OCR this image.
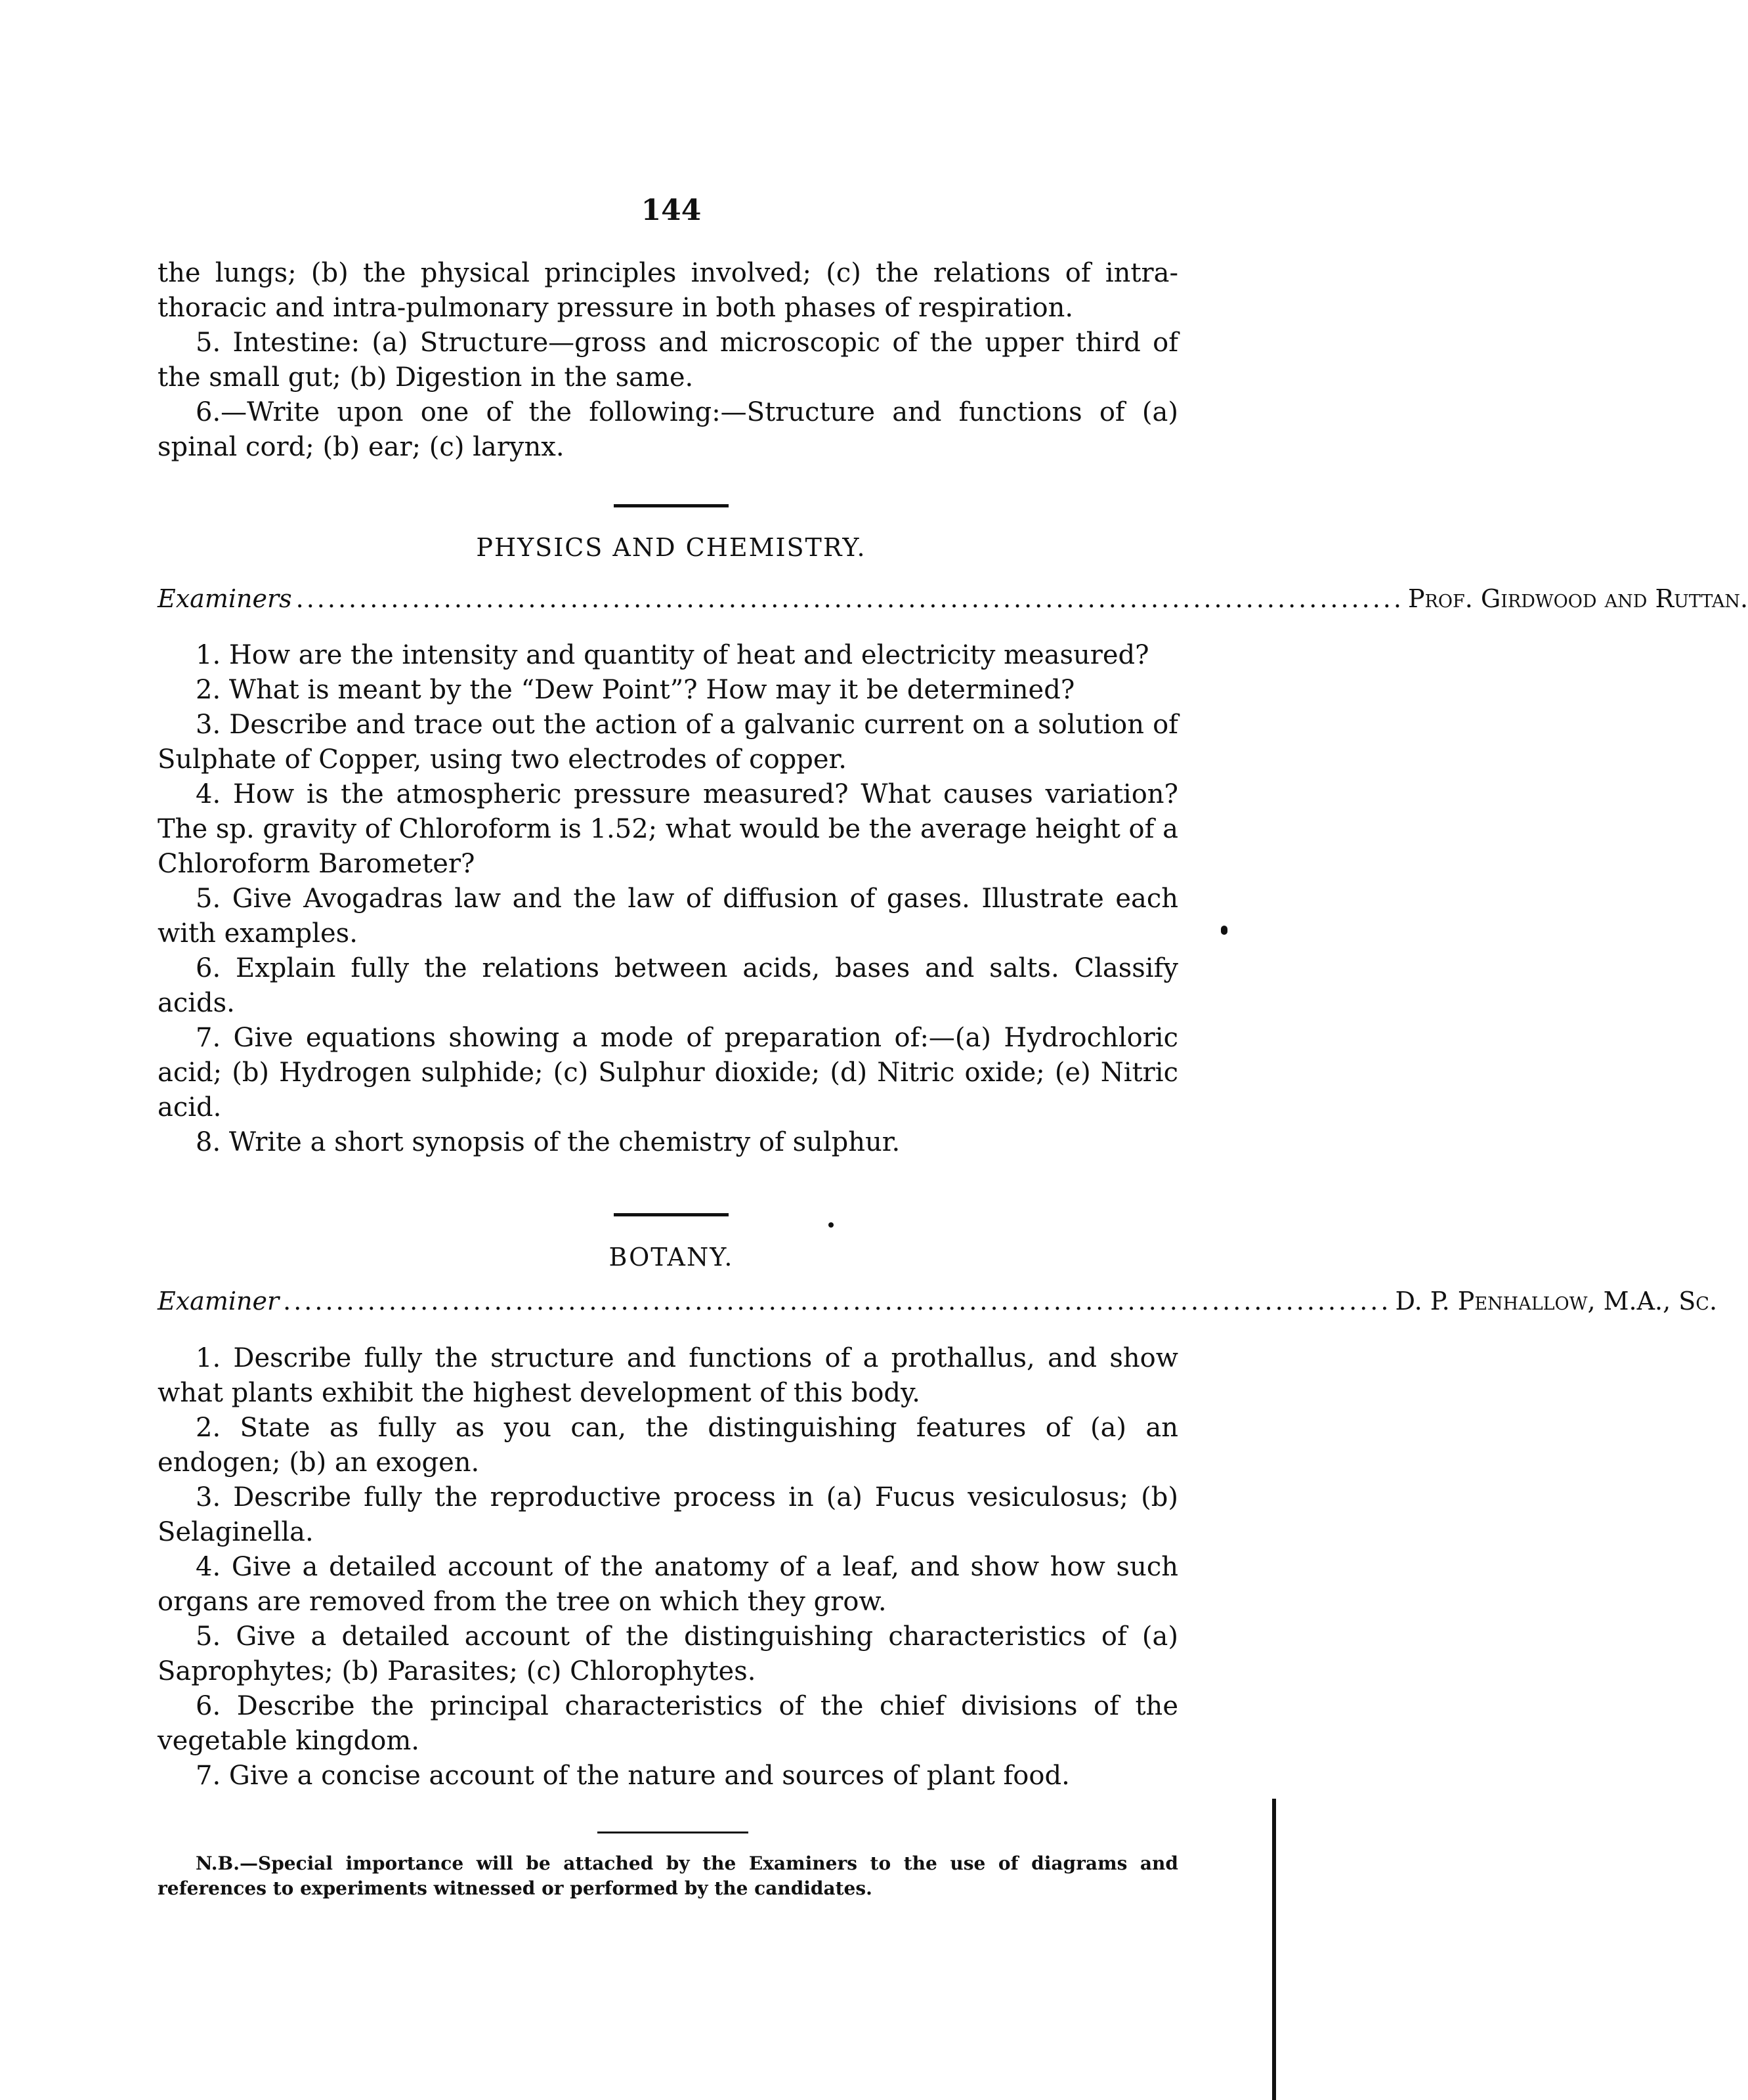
144

the lungs; (b) the physical principles involved; (c) the relations of intra-thoracic and intra-pulmonary pressure in both phases of respiration.

5. Intestine: (a) Structure—gross and microscopic of the upper third of the small gut; (b) Digestion in the same.

6.—Write upon one of the following:—Structure and functions of (a) spinal cord; (b) ear; (c) larynx.

PHYSICS AND CHEMISTRY.
Examiners ......................................................................................................... Prof. Girdwood and Ruttan.

1. How are the intensity and quantity of heat and electricity measured?

2. What is meant by the “Dew Point”? How may it be determined?

3. Describe and trace out the action of a galvanic current on a solution of Sulphate of Copper, using two electrodes of copper.

4. How is the atmospheric pressure measured? What causes variation? The sp. gravity of Chloroform is 1.52; what would be the average height of a Chloroform Barometer?

5. Give Avogadras law and the law of diffusion of gases. Illustrate each with examples.

6. Explain fully the relations between acids, bases and salts. Classify acids.

7. Give equations showing a mode of preparation of:—(a) Hydrochloric acid; (b) Hydrogen sulphide; (c) Sulphur dioxide; (d) Nitric oxide; (e) Nitric acid.

8. Write a short synopsis of the chemistry of sulphur.

BOTANY.
Examiner ......................................................................................................... D. P. Penhallow, M.A., Sc.

1. Describe fully the structure and functions of a prothallus, and show what plants exhibit the highest development of this body.

2. State as fully as you can, the distinguishing features of (a) an endogen; (b) an exogen.

3. Describe fully the reproductive process in (a) Fucus vesiculosus; (b) Selaginella.

4. Give a detailed account of the anatomy of a leaf, and show how such organs are removed from the tree on which they grow.

5. Give a detailed account of the distinguishing characteristics of (a) Saprophytes; (b) Parasites; (c) Chlorophytes.

6. Describe the principal characteristics of the chief divisions of the vegetable kingdom.

7. Give a concise account of the nature and sources of plant food.

N.B.—Special importance will be attached by the Examiners to the use of diagrams and references to experiments witnessed or performed by the candidates.
